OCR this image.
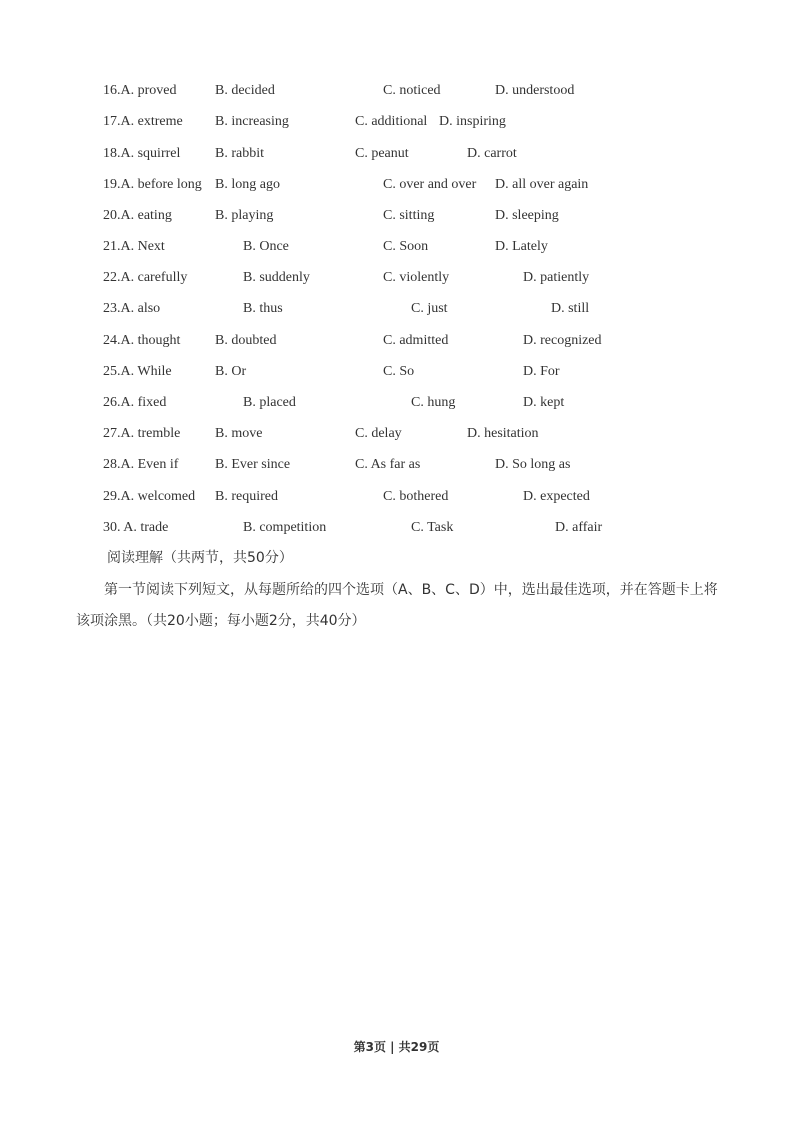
16.A. proved	B. decided	C. noticed	D. understood
17.A. extreme B. increasing	C. additional D. inspiring
18.A. squirrel B. rabbit	C. peanut	D. carrot
19.A. before long B. long ago	C. over and over D. all over again
20.A. eating	B. playing	C. sitting	D. sleeping
21.A. Next	B. Once	C. Soon	D. Lately
22.A. carefully	B. suddenly	C. violently	D. patiently
23.A. also	B. thus	C. just	D. still
24.A. thought B. doubted	C. admitted	D. recognized
25.A. While	B. Or	C. So	D. For
26.A. fixed	B. placed	C. hung	D. kept
27.A. tremble B. move	C. delay	D. hesitation
28.A. Even if	B. Ever since	C. As far as	D. So long as
29.A. welcomed B. required	C. bothered	D. expected
30. A. trade	B. competition	C. Task	D. affair
阅读理解（共两节，共50分）
第一节阅读下列短文，从每题所给的四个选项（A、B、C、D）中，选出最佳选项，并在答题卡上将
该项涂黑。（共20小题；每小题2分，共40分）
第3页 | 共29页
